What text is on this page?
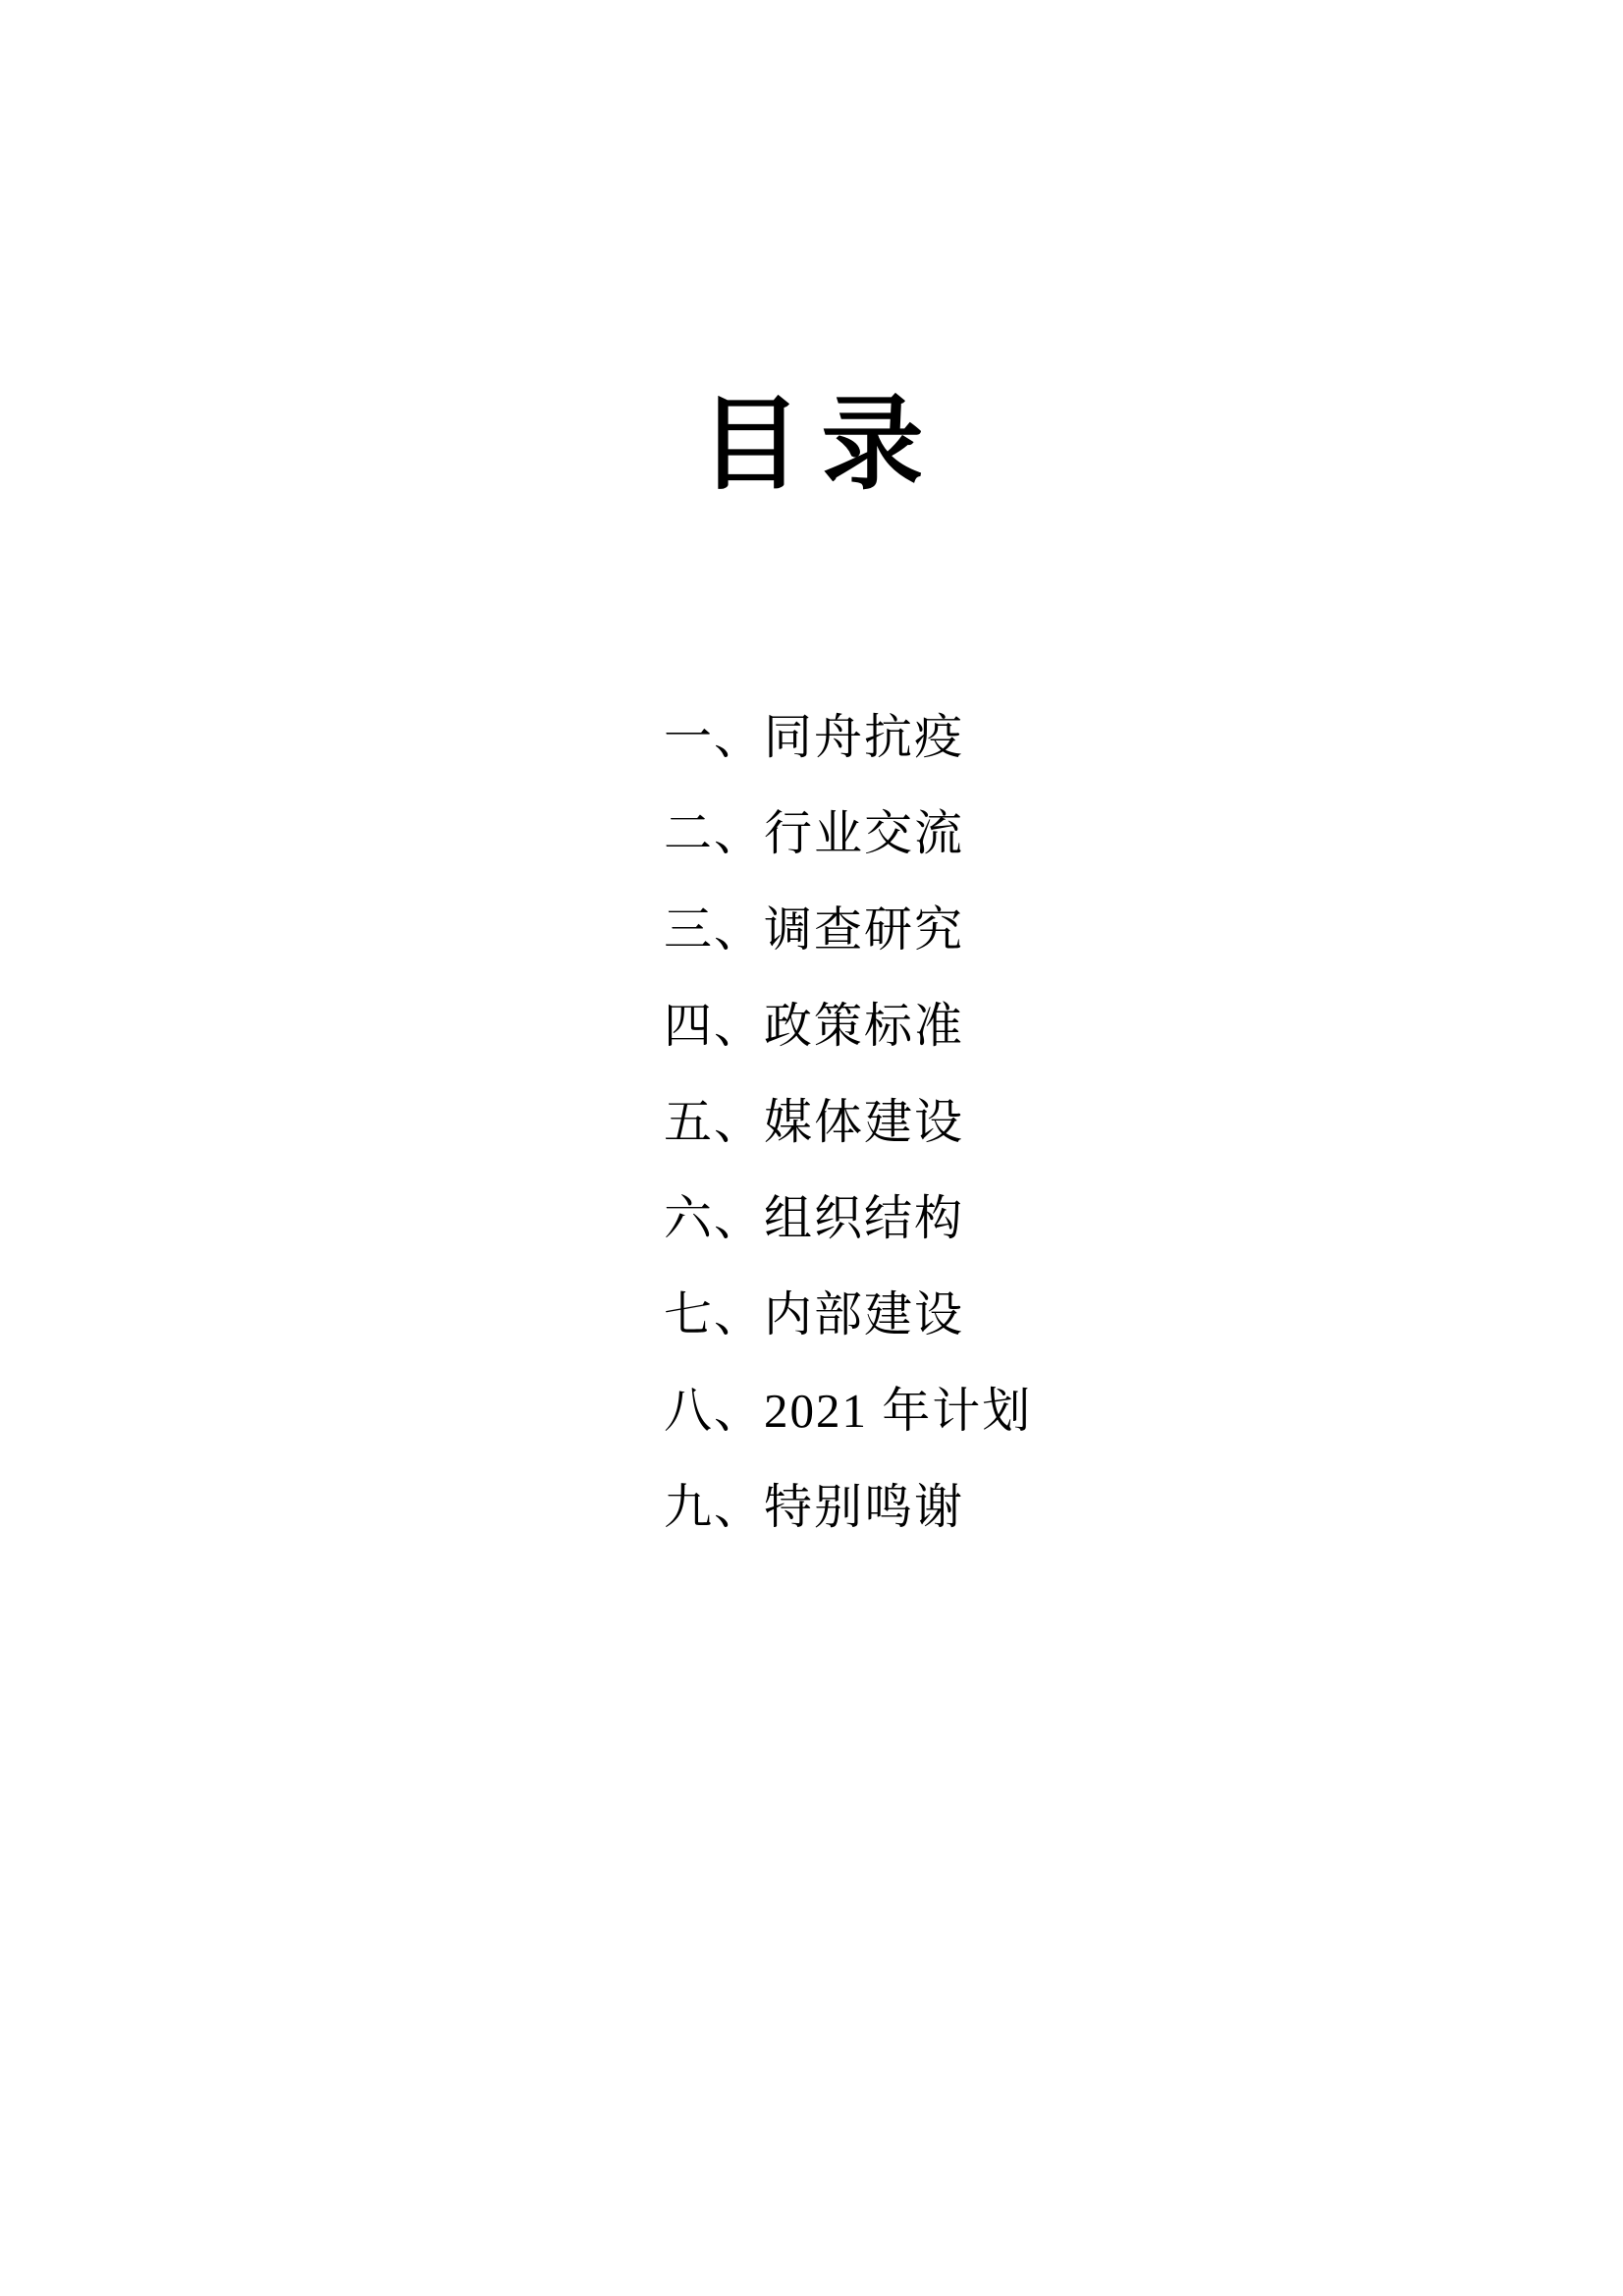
目录
一、同舟抗疫
二、行业交流
三、调查研究
四、政策标准
五、媒体建设
六、组织结构
七、内部建设
八、2021 年计划
九、特别鸣谢
